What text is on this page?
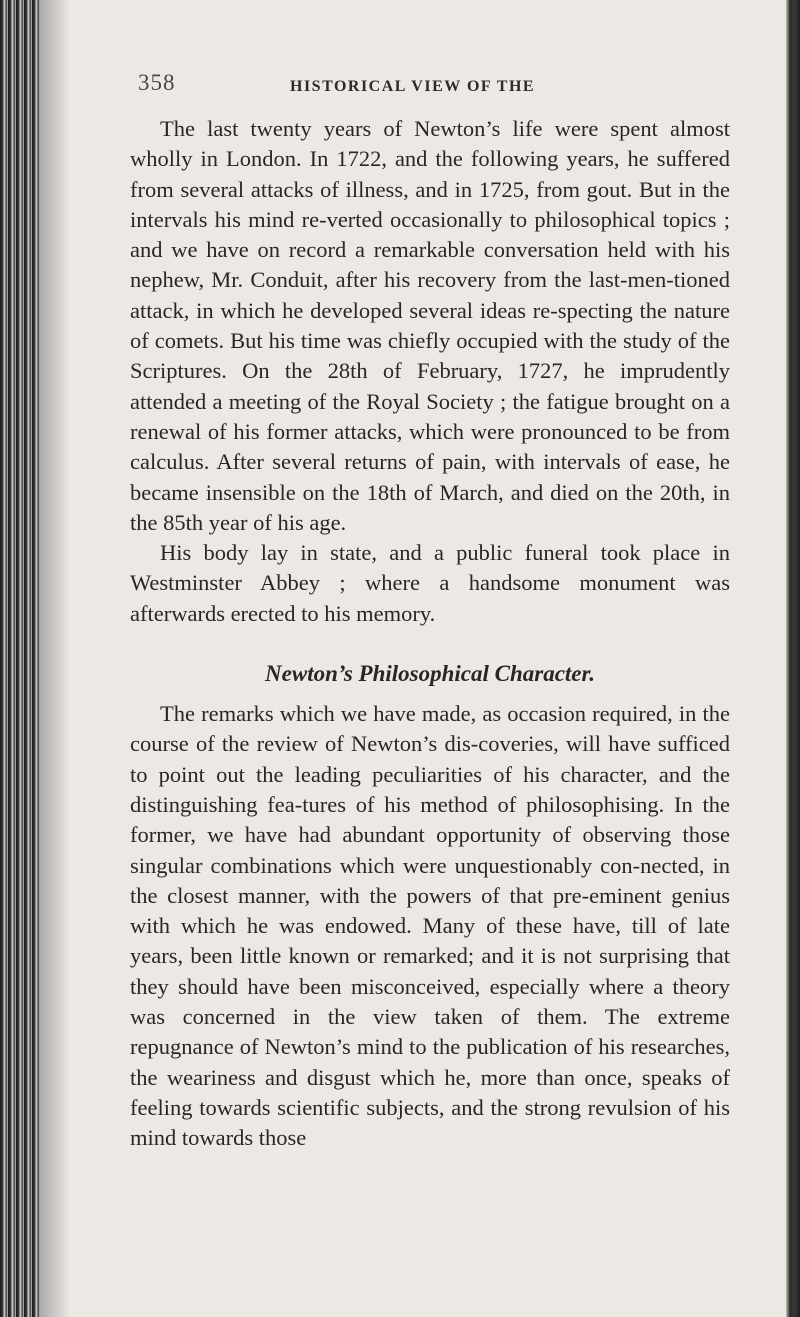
358	HISTORICAL VIEW OF THE

The last twenty years of Newton’s life were spent almost wholly in London. In 1722, and the following years, he suffered from several attacks of illness, and in 1725, from gout. But in the intervals his mind re-verted occasionally to philosophical topics ; and we have on record a remarkable conversation held with his nephew, Mr. Conduit, after his recovery from the last-men-tioned attack, in which he developed several ideas re-specting the nature of comets. But his time was chiefly occupied with the study of the Scriptures. On the 28th of February, 1727, he imprudently attended a meeting of the Royal Society ; the fatigue brought on a renewal of his former attacks, which were pronounced to be from calculus. After several returns of pain, with intervals of ease, he became insensible on the 18th of March, and died on the 20th, in the 85th year of his age.

His body lay in state, and a public funeral took place in Westminster Abbey ; where a handsome monument was afterwards erected to his memory.

Newton’s Philosophical Character.

The remarks which we have made, as occasion required, in the course of the review of Newton’s dis-coveries, will have sufficed to point out the leading peculiarities of his character, and the distinguishing fea-tures of his method of philosophising. In the former, we have had abundant opportunity of observing those singular combinations which were unquestionably con-nected, in the closest manner, with the powers of that pre-eminent genius with which he was endowed. Many of these have, till of late years, been little known or remarked; and it is not surprising that they should have been misconceived, especially where a theory was concerned in the view taken of them. The extreme repugnance of Newton’s mind to the publication of his researches, the weariness and disgust which he, more than once, speaks of feeling towards scientific subjects, and the strong revulsion of his mind towards those
